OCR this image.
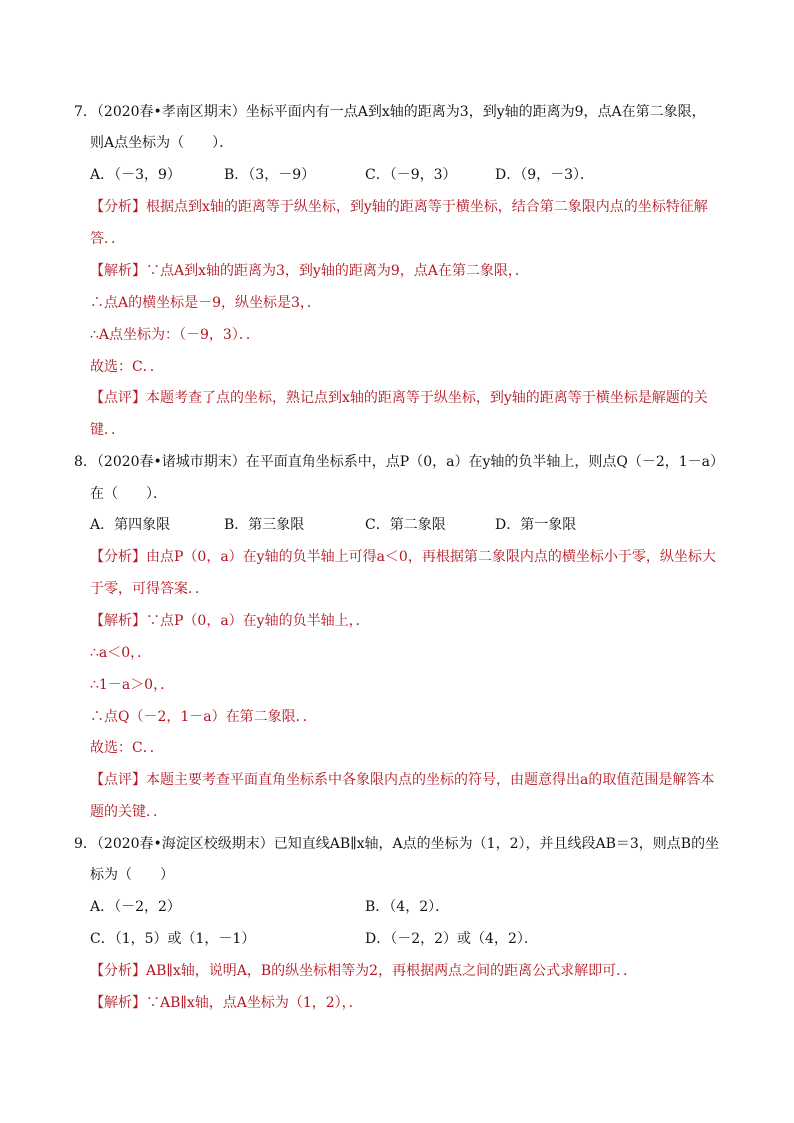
7．（2020春•孝南区期末）坐标平面内有一点A到x轴的距离为3，到y轴的距离为9，点A在第二象限，
则A点坐标为（　　）．
A．（－3，9）	B．（3，－9）	C．（－9，3）	D．（9，－3）．
【分析】根据点到x轴的距离等于纵坐标，到y轴的距离等于横坐标，结合第二象限内点的坐标特征解
答．．
【解析】∵点A到x轴的距离为3，到y轴的距离为9，点A在第二象限，．
∴点A的横坐标是－9，纵坐标是3，．
∴A点坐标为：（－9，3）．．
故选：C．．
【点评】本题考查了点的坐标，熟记点到x轴的距离等于纵坐标，到y轴的距离等于横坐标是解题的关
键．．
8．（2020春•诸城市期末）在平面直角坐标系中，点P（0，a）在y轴的负半轴上，则点Q（－2，1－a）
在（　　）．
A．第四象限	B．第三象限	C．第二象限	D．第一象限
【分析】由点P（0，a）在y轴的负半轴上可得a＜0，再根据第二象限内点的横坐标小于零，纵坐标大
于零，可得答案．．
【解析】∵点P（0，a）在y轴的负半轴上，．
∴a＜0，．
∴1－a＞0，．
∴点Q（－2，1－a）在第二象限．．
故选：C．．
【点评】本题主要考查平面直角坐标系中各象限内点的坐标的符号，由题意得出a的取值范围是解答本
题的关键．．
9．（2020春•海淀区校级期末）已知直线AB∥x轴，A点的坐标为（1，2），并且线段AB＝3，则点B的坐
标为（　　）
A．（－2，2）	B．（4，2）．
C．（1，5）或（1，－1）	D．（－2，2）或（4，2）．
【分析】AB∥x轴，说明A，B的纵坐标相等为2，再根据两点之间的距离公式求解即可．．
【解析】∵AB∥x轴，点A坐标为（1，2），．
